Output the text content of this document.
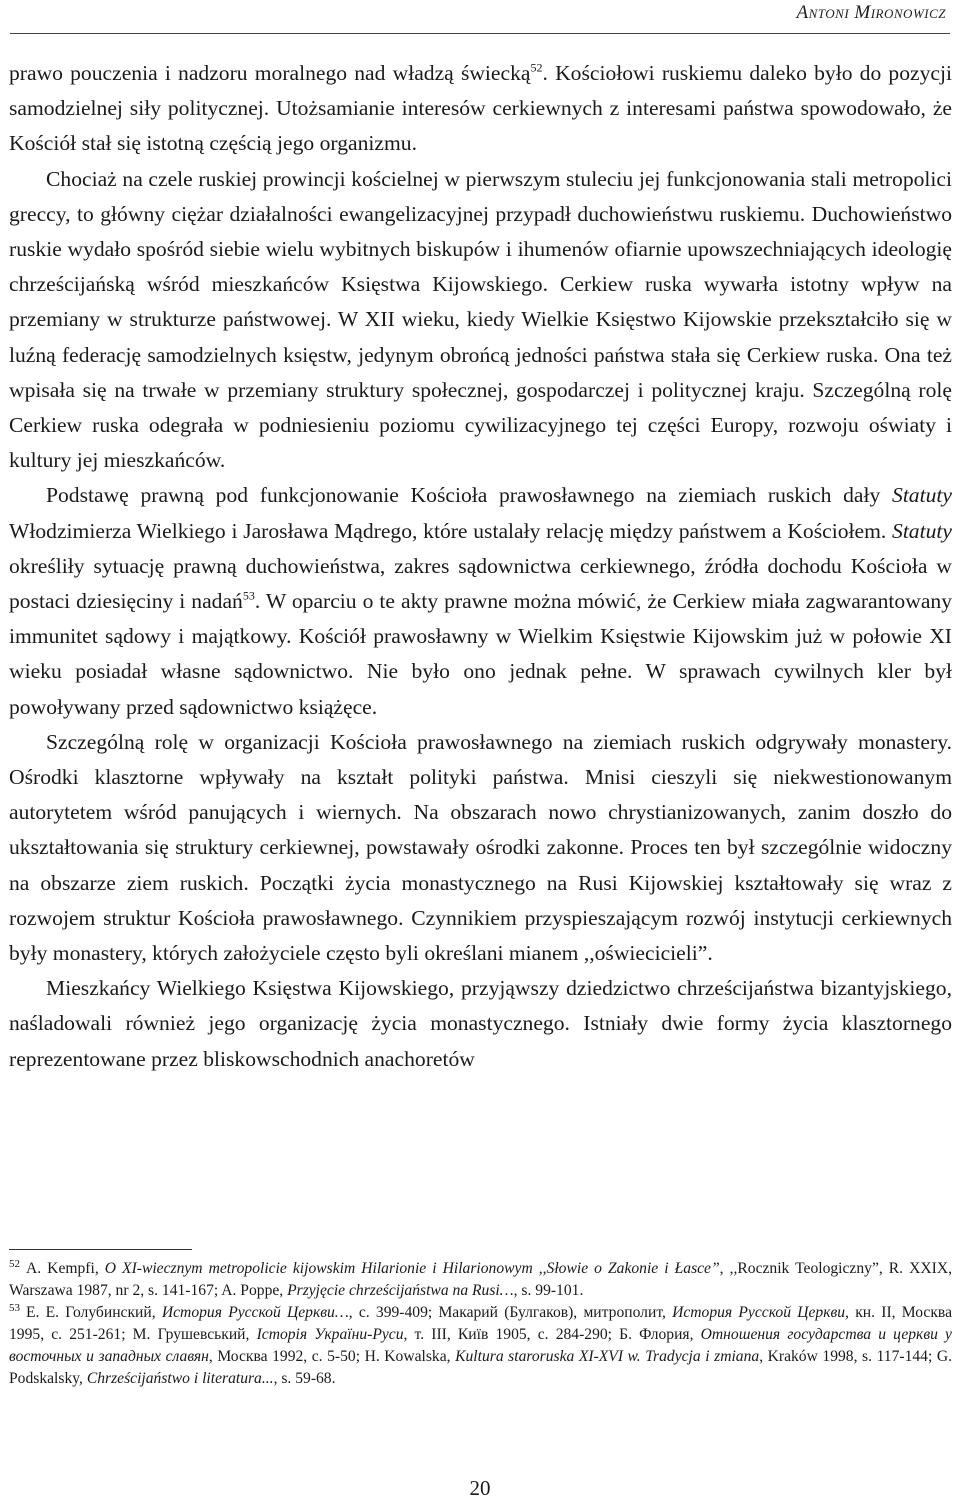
Antoni Mironowicz

prawo pouczenia i nadzoru moralnego nad władzą świecką$^{52}$. Kościołowi ruskiemu daleko było do pozycji samodzielnej siły politycznej. Utożsamianie interesów cerkiewnych z interesami państwa spowodowało, że Kościół stał się istotną częścią jego organizmu.

Chociaż na czele ruskiej prowincji kościelnej w pierwszym stuleciu jej funkcjonowania stali metropolici greccy, to główny ciężar działalności ewangelizacyjnej przypadł duchowieństwu ruskiemu. Duchowieństwo ruskie wydało spośród siebie wielu wybitnych biskupów i ihumenów ofiarnie upowszechniających ideologię chrześcijańską wśród mieszkańców Księstwa Kijowskiego. Cerkiew ruska wywarła istotny wpływ na przemiany w strukturze państwowej. W XII wieku, kiedy Wielkie Księstwo Kijowskie przekształciło się w luźną federację samodzielnych księstw, jedynym obrońcą jedności państwa stała się Cerkiew ruska. Ona też wpisała się na trwałe w przemiany struktury społecznej, gospodarczej i politycznej kraju. Szczególną rolę Cerkiew ruska odegrała w podniesieniu poziomu cywilizacyjnego tej części Europy, rozwoju oświaty i kultury jej mieszkańców.

Podstawę prawną pod funkcjonowanie Kościoła prawosławnego na ziemiach ruskich dały Statuty Włodzimierza Wielkiego i Jarosława Mądrego, które ustalały relację między państwem a Kościołem. Statuty określiły sytuację prawną duchowieństwa, zakres sądownictwa cerkiewnego, źródła dochodu Kościoła w postaci dziesięciny i nadań$^{53}$. W oparciu o te akty prawne można mówić, że Cerkiew miała zagwarantowany immunitet sądowy i majątkowy. Kościół prawosławny w Wielkim Księstwie Kijowskim już w połowie XI wieku posiadał własne sądownictwo. Nie było ono jednak pełne. W sprawach cywilnych kler był powoływany przed sądownictwo książęce.

Szczególną rolę w organizacji Kościoła prawosławnego na ziemiach ruskich odgrywały monastery. Ośrodki klasztorne wpływały na kształt polityki państwa. Mnisi cieszyli się niekwestionowanym autorytetem wśród panujących i wiernych. Na obszarach nowo chrystianizowanych, zanim doszło do ukształtowania się struktury cerkiewnej, powstawały ośrodki zakonne. Proces ten był szczególnie widoczny na obszarze ziem ruskich. Początki życia monastycznego na Rusi Kijowskiej kształtowały się wraz z rozwojem struktur Kościoła prawosławnego. Czynnikiem przyspieszającym rozwój instytucji cerkiewnych były monastery, których założyciele często byli określani mianem ,,oświecicieli”.

Mieszkańcy Wielkiego Księstwa Kijowskiego, przyjąwszy dziedzictwo chrześcijaństwa bizantyjskiego, naśladowali również jego organizację życia monastycznego. Istniały dwie formy życia klasztornego reprezentowane przez bliskowschodnich anachoretów

$^{52}$ A. Kempfi, O XI-wiecznym metropolicie kijowskim Hilarionie i Hilarionowym ,,Słowie o Zakonie i Łasce”, ,,Rocznik Teologiczny”, R. XXIX, Warszawa 1987, nr 2, s. 141-167; A. Poppe, Przyjęcie chrześcijaństwa na Rusi…, s. 99-101.

$^{53}$ Е. Е. Голубинский, История Русской Церкви…, с. 399-409; Макарий (Булгаков), митрополит, История Русской Церкви, кн. II, Москва 1995, с. 251-261; М. Грушевський, Історія України-Руси, т. III, Київ 1905, с. 284-290; Б. Флория, Отношения государства и церкви у восточных и западных славян, Москва 1992, с. 5-50; H. Kowalska, Kultura staroruska XI-XVI w. Tradycja i zmiana, Kraków 1998, s. 117-144; G. Podskalsky, Chrześcijaństwo i literatura..., s. 59-68.

20
